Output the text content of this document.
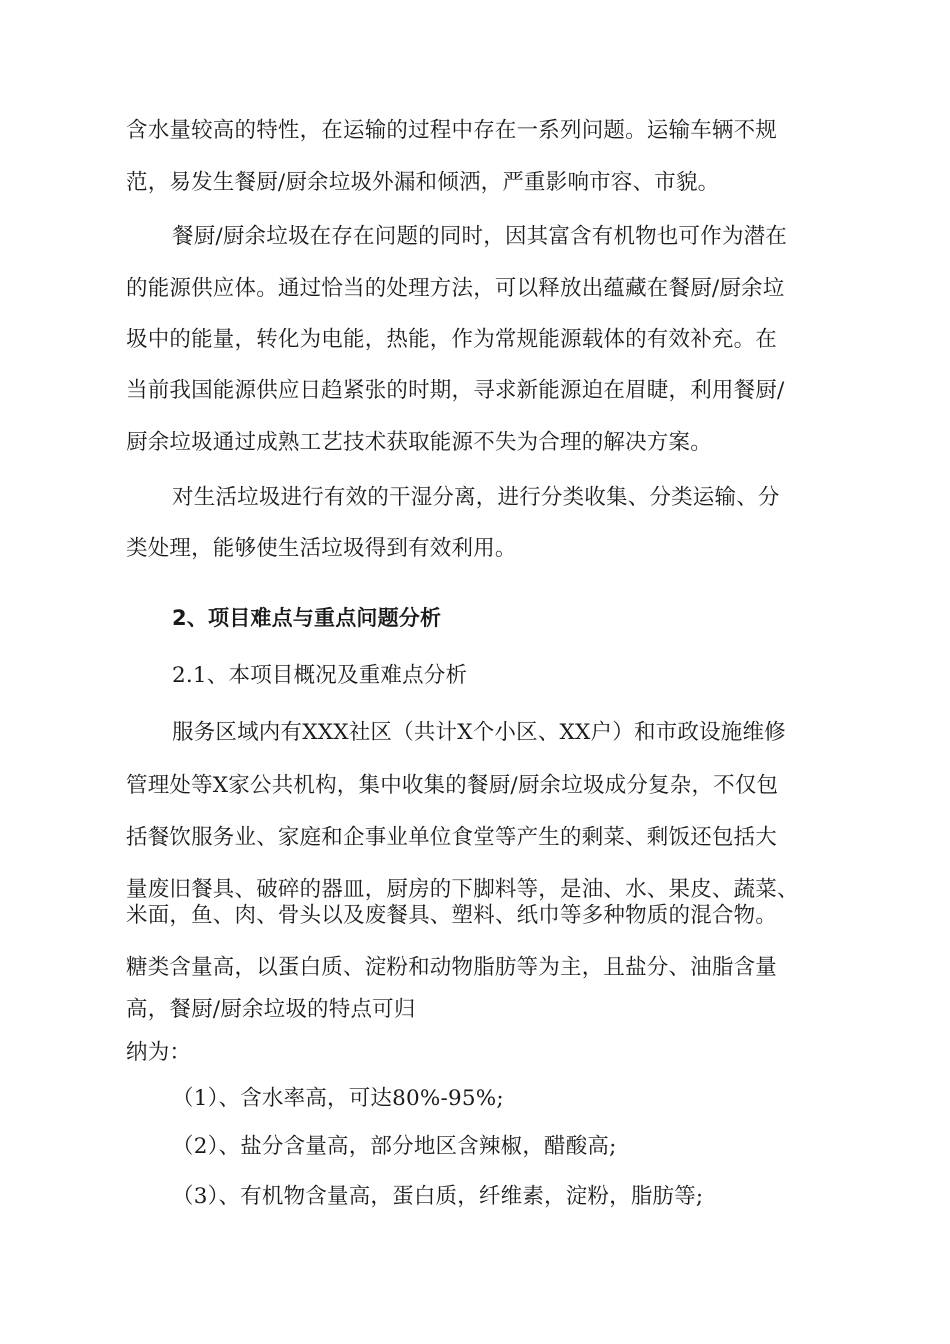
含水量较高的特性，在运输的过程中存在一系列问题。运输车辆不规
范，易发生餐厨/厨余垃圾外漏和倾洒，严重影响市容、市貌。
餐厨/厨余垃圾在存在问题的同时，因其富含有机物也可作为潜在
的能源供应体。通过恰当的处理方法，可以释放出蕴藏在餐厨/厨余垃
圾中的能量，转化为电能，热能，作为常规能源载体的有效补充。在
当前我国能源供应日趋紧张的时期，寻求新能源迫在眉睫，利用餐厨/
厨余垃圾通过成熟工艺技术获取能源不失为合理的解决方案。
对生活垃圾进行有效的干湿分离，进行分类收集、分类运输、分
类处理，能够使生活垃圾得到有效利用。
2、项目难点与重点问题分析
2.1、本项目概况及重难点分析
服务区域内有XXX社区（共计X个小区、XX户）和市政设施维修
管理处等X家公共机构，集中收集的餐厨/厨余垃圾成分复杂，不仅包
括餐饮服务业、家庭和企事业单位食堂等产生的剩菜、剩饭还包括大
量废旧餐具、破碎的器皿，厨房的下脚料等，是油、水、果皮、蔬菜、
米面，鱼、肉、骨头以及废餐具、塑料、纸巾等多种物质的混合物。
糖类含量高，以蛋白质、淀粉和动物脂肪等为主，且盐分、油脂含量
高，餐厨/厨余垃圾的特点可归
纳为：
（1）、含水率高，可达80%-95%;
（2）、盐分含量高，部分地区含辣椒，醋酸高;
（3）、有机物含量高，蛋白质，纤维素，淀粉，脂肪等;
